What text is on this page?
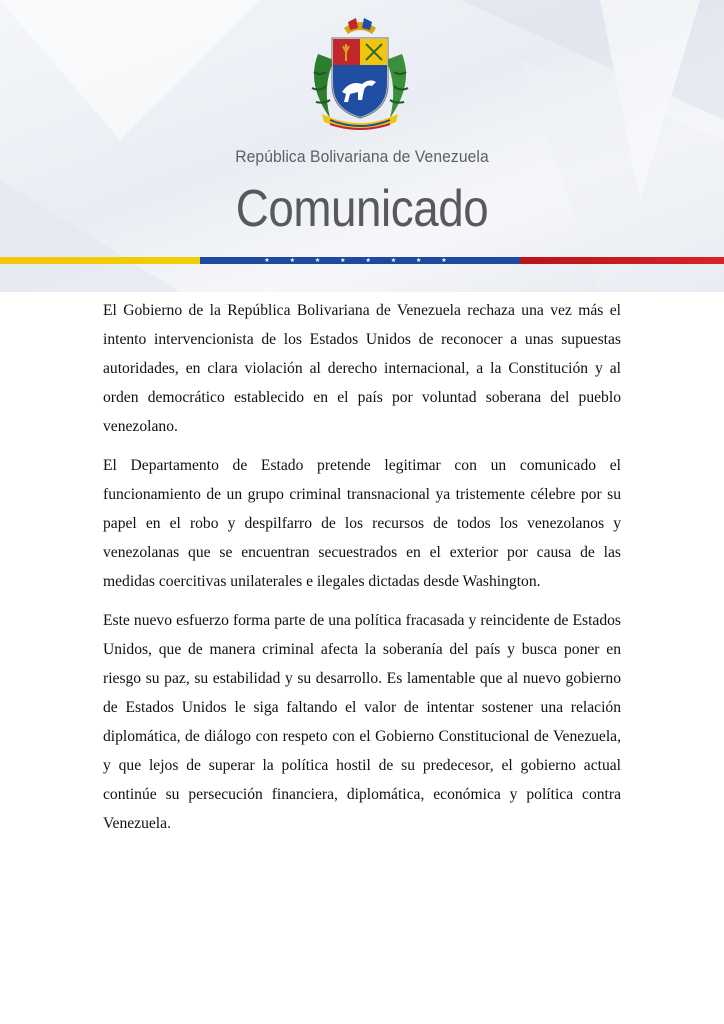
República Bolivariana de Venezuela
Comunicado
★ ★ ★ ★ ★ ★ ★ ★

El Gobierno de la República Bolivariana de Venezuela rechaza una vez más el intento intervencionista de los Estados Unidos de reconocer a unas supuestas autoridades, en clara violación al derecho internacional, a la Constitución y al orden democrático establecido en el país por voluntad soberana del pueblo venezolano.

El Departamento de Estado pretende legitimar con un comunicado el funcionamiento de un grupo criminal transnacional ya tristemente célebre por su papel en el robo y despilfarro de los recursos de todos los venezolanos y venezolanas que se encuentran secuestrados en el exterior por causa de las medidas coercitivas unilaterales e ilegales dictadas desde Washington.

Este nuevo esfuerzo forma parte de una política fracasada y reincidente de Estados Unidos, que de manera criminal afecta la soberanía del país y busca poner en riesgo su paz, su estabilidad y su desarrollo. Es lamentable que al nuevo gobierno de Estados Unidos le siga faltando el valor de intentar sostener una relación diplomática, de diálogo con respeto con el Gobierno Constitucional de Venezuela, y que lejos de superar la política hostil de su predecesor, el gobierno actual continúe su persecución financiera, diplomática, económica y política contra Venezuela.
